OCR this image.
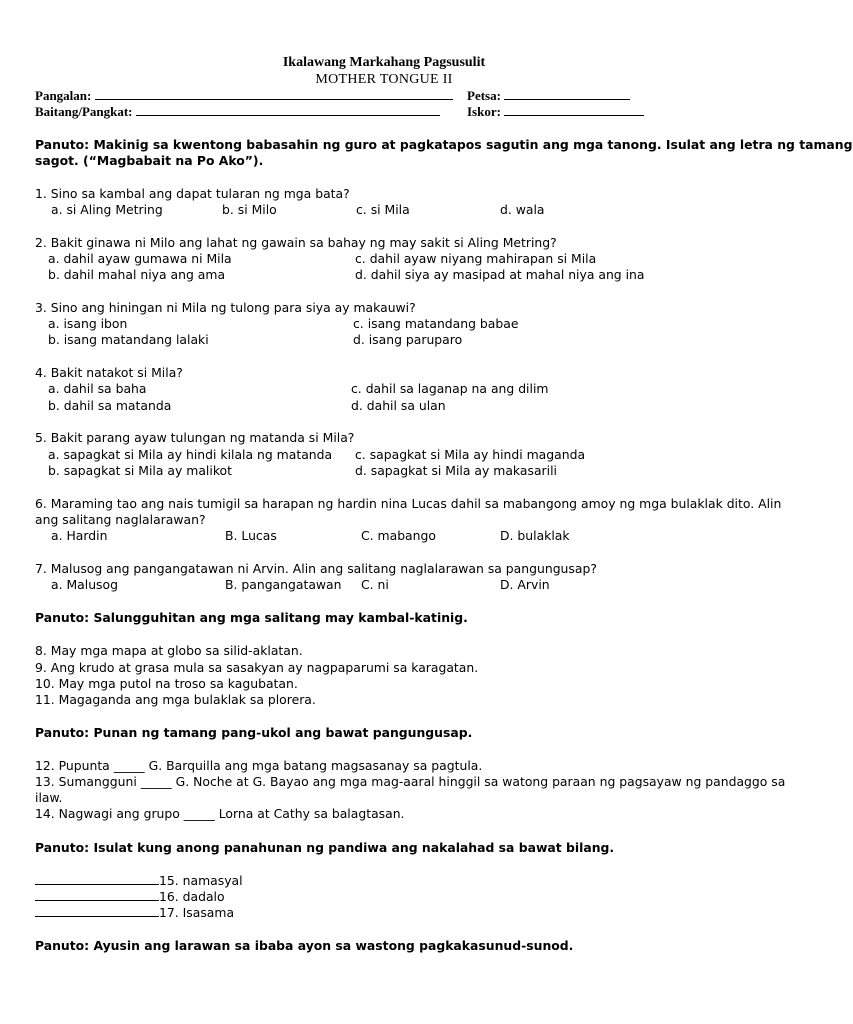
Ikalawang Markahang Pagsusulit
MOTHER TONGUE II
Pangalan:	Petsa:
Baitang/Pangkat:	Iskor:
Panuto: Makinig sa kwentong babasahin ng guro at pagkatapos sagutin ang mga tanong. Isulat ang letra ng tamang
sagot. (“Magbabait na Po Ako”).
1. Sino sa kambal ang dapat tularan ng mga bata?
a. si Aling Metring	b. si Milo	c. si Mila	d. wala
2. Bakit ginawa ni Milo ang lahat ng gawain sa bahay ng may sakit si Aling Metring?
a. dahil ayaw gumawa ni Mila	c. dahil ayaw niyang mahirapan si Mila
b. dahil mahal niya ang ama	d. dahil siya ay masipad at mahal niya ang ina
3. Sino ang hiningan ni Mila ng tulong para siya ay makauwi?
a. isang ibon	c. isang matandang babae
b. isang matandang lalaki	d. isang paruparo
4. Bakit natakot si Mila?
a. dahil sa baha	c. dahil sa laganap na ang dilim
b. dahil sa matanda	d. dahil sa ulan
5. Bakit parang ayaw tulungan ng matanda si Mila?
a. sapagkat si Mila ay hindi kilala ng matanda c. sapagkat si Mila ay hindi maganda
b. sapagkat si Mila ay malikot	d. sapagkat si Mila ay makasarili
6. Maraming tao ang nais tumigil sa harapan ng hardin nina Lucas dahil sa mabangong amoy ng mga bulaklak dito. Alin
ang salitang naglalarawan?
a. Hardin	B. Lucas	C. mabango	D. bulaklak
7. Malusog ang pangangatawan ni Arvin. Alin ang salitang naglalarawan sa pangungusap?
a. Malusog	B. pangangatawan C. ni	D. Arvin
Panuto: Salungguhitan ang mga salitang may kambal-katinig.
8. May mga mapa at globo sa silid-aklatan.
9. Ang krudo at grasa mula sa sasakyan ay nagpaparumi sa karagatan.
10. May mga putol na troso sa kagubatan.
11. Magaganda ang mga bulaklak sa plorera.
Panuto: Punan ng tamang pang-ukol ang bawat pangungusap.
12. Pupunta _____ G. Barquilla ang mga batang magsasanay sa pagtula.
13. Sumangguni _____ G. Noche at G. Bayao ang mga mag-aaral hinggil sa watong paraan ng pagsayaw ng pandaggo sa
ilaw.
14. Nagwagi ang grupo _____ Lorna at Cathy sa balagtasan.
Panuto: Isulat kung anong panahunan ng pandiwa ang nakalahad sa bawat bilang.
15. namasyal
16. dadalo
17. Isasama
Panuto: Ayusin ang larawan sa ibaba ayon sa wastong pagkakasunud-sunod.
